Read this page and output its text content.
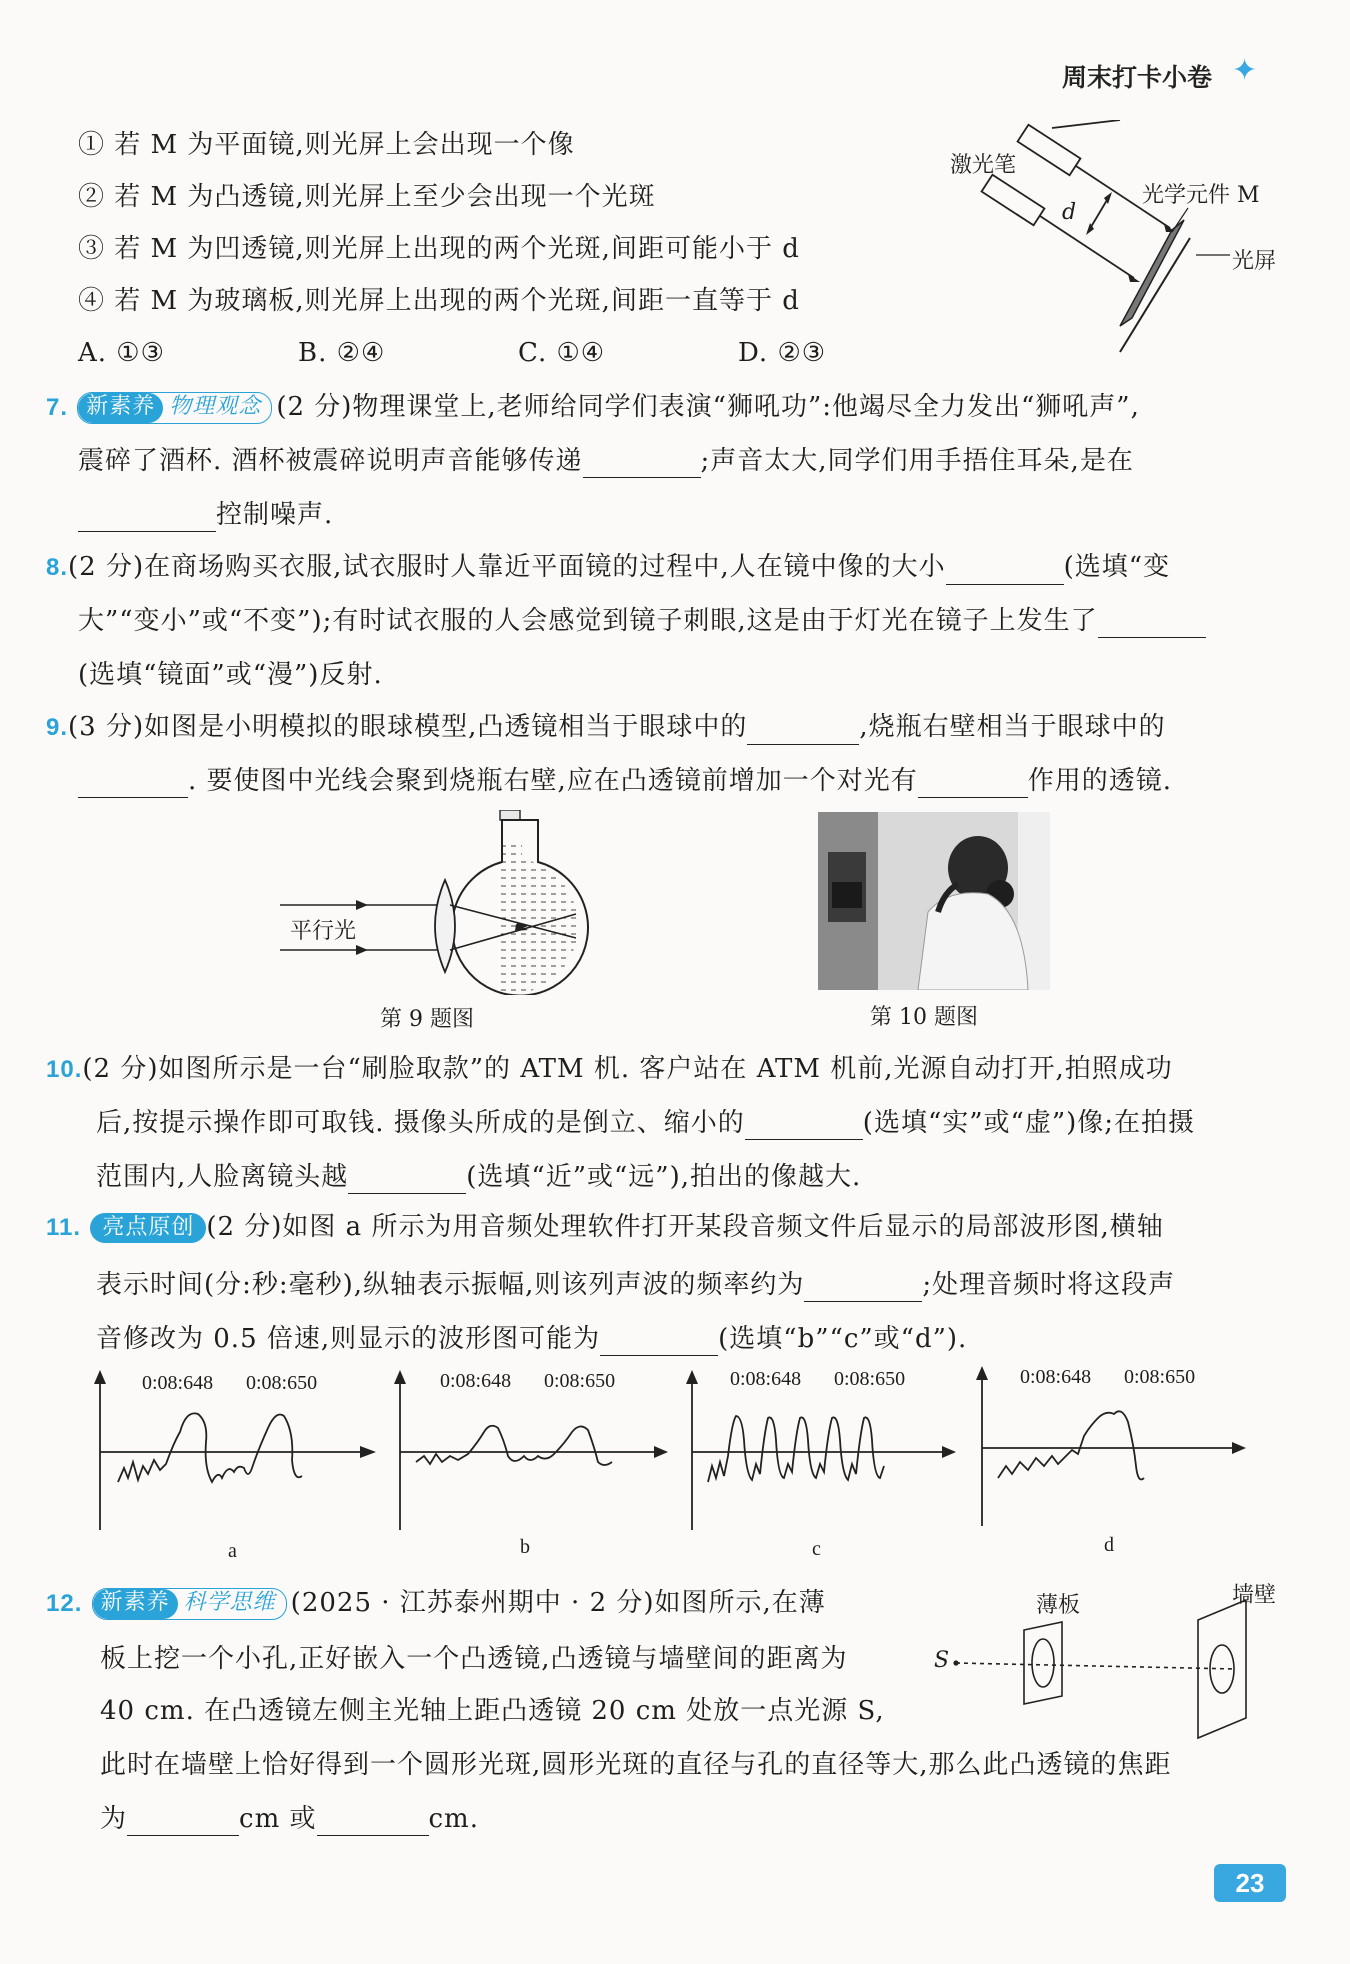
周末打卡小卷 ✦
① 若 M 为平面镜,则光屏上会出现一个像
② 若 M 为凸透镜,则光屏上至少会出现一个光斑
③ 若 M 为凹透镜,则光屏上出现的两个光斑,间距可能小于 d
④ 若 M 为玻璃板,则光屏上出现的两个光斑,间距一直等于 d
A. ①③	B. ②④	C. ①④	D. ②③
激光笔
d
光学元件 M
光屏
7. 新素养 物理观念 (2 分)物理课堂上,老师给同学们表演“狮吼功”:他竭尽全力发出“狮吼声”,
震碎了酒杯. 酒杯被震碎说明声音能够传递	;声音太大,同学们用手捂住耳朵,是在
控制噪声.
8.(2 分)在商场购买衣服,试衣服时人靠近平面镜的过程中,人在镜中像的大小	(选填“变
大”“变小”或“不变”);有时试衣服的人会感觉到镜子刺眼,这是由于灯光在镜子上发生了
(选填“镜面”或“漫”)反射.
9.(3 分)如图是小明模拟的眼球模型,凸透镜相当于眼球中的	,烧瓶右壁相当于眼球中的
. 要使图中光线会聚到烧瓶右壁,应在凸透镜前增加一个对光有	作用的透镜.
平行光
第 9 题图	第 10 题图
10.(2 分)如图所示是一台“刷脸取款”的 ATM 机. 客户站在 ATM 机前,光源自动打开,拍照成功
后,按提示操作即可取钱. 摄像头所成的是倒立、缩小的	(选填“实”或“虚”)像;在拍摄
范围内,人脸离镜头越	(选填“近”或“远”),拍出的像越大.
11. 亮点原创 (2 分)如图 a 所示为用音频处理软件打开某段音频文件后显示的局部波形图,横轴
表示时间(分:秒:毫秒),纵轴表示振幅,则该列声波的频率约为	;处理音频时将这段声
音修改为 0.5 倍速,则显示的波形图可能为	(选填“b”“c”或“d”).
0:08:648 0:08:650	0:08:648 0:08:650	0:08:648 0:08:650	0:08:648 0:08:650
a	b	c	d
12. 新素养 科学思维 (2025 · 江苏泰州期中 · 2 分)如图所示,在薄
板上挖一个小孔,正好嵌入一个凸透镜,凸透镜与墙壁间的距离为
40 cm. 在凸透镜左侧主光轴上距凸透镜 20 cm 处放一点光源 S,
此时在墙壁上恰好得到一个圆形光斑,圆形光斑的直径与孔的直径等大,那么此凸透镜的焦距
为	cm 或	cm.
薄板	墙壁
S
23
